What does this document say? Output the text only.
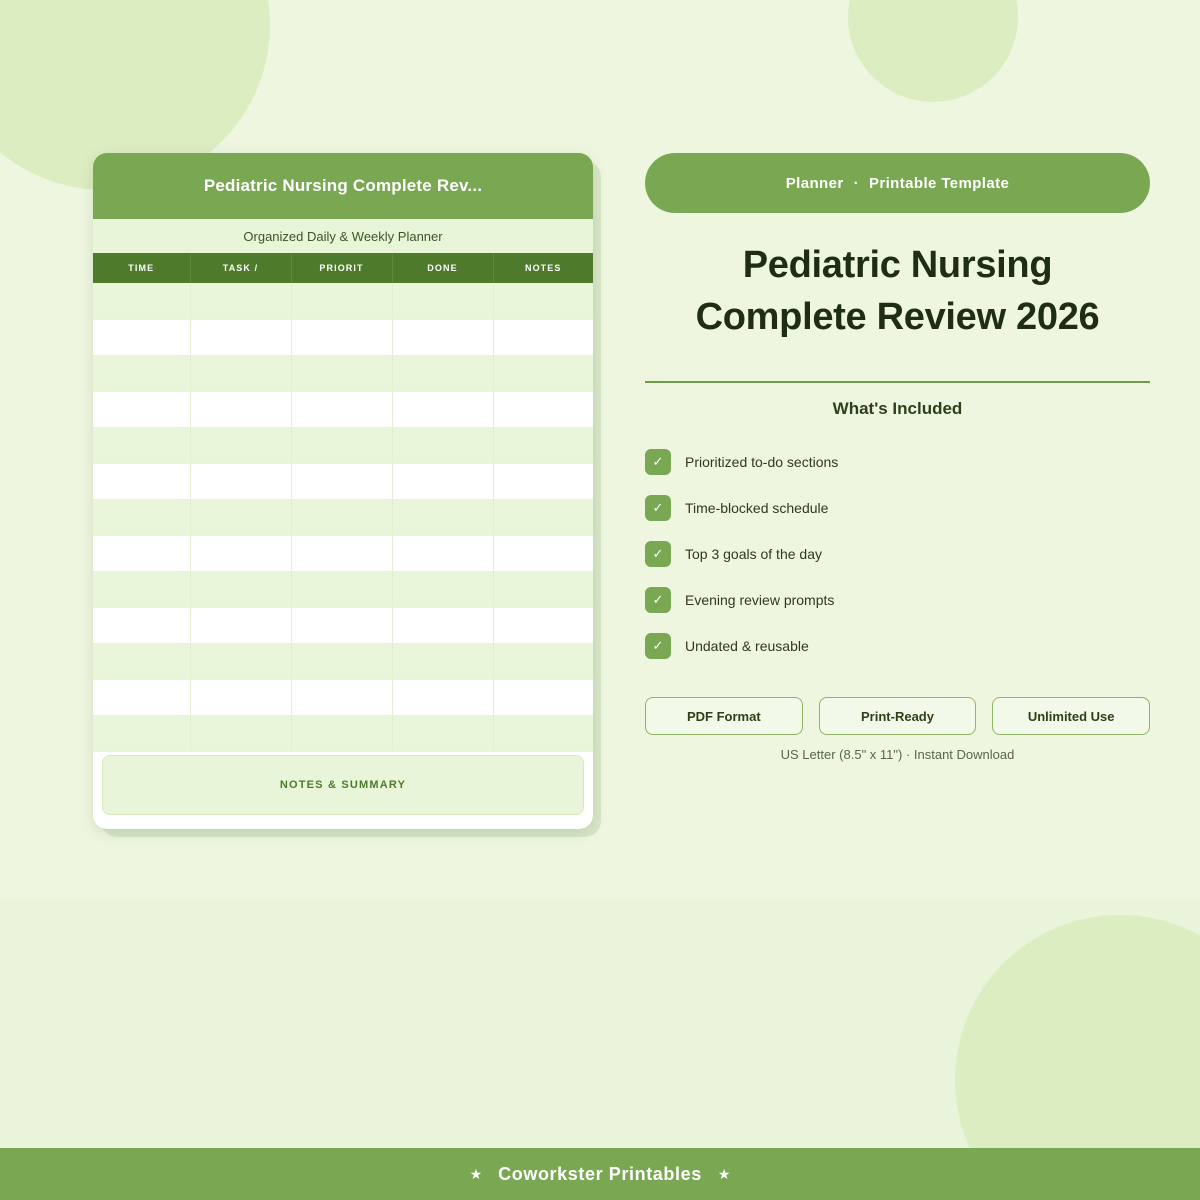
Pediatric Nursing Complete Rev...
Organized Daily & Weekly Planner
TIME	TASK /	PRIORIT	DONE	NOTES

NOTES & SUMMARY
Planner · Printable Template
Pediatric Nursing
Complete Review 2026
What's Included
✓	Prioritized to-do sections
✓	Time-blocked schedule
✓	Top 3 goals of the day
✓	Evening review prompts
✓	Undated & reusable
PDF Format	Print-Ready	Unlimited Use
US Letter (8.5" x 11") · Instant Download
★ Coworkster Printables ★
